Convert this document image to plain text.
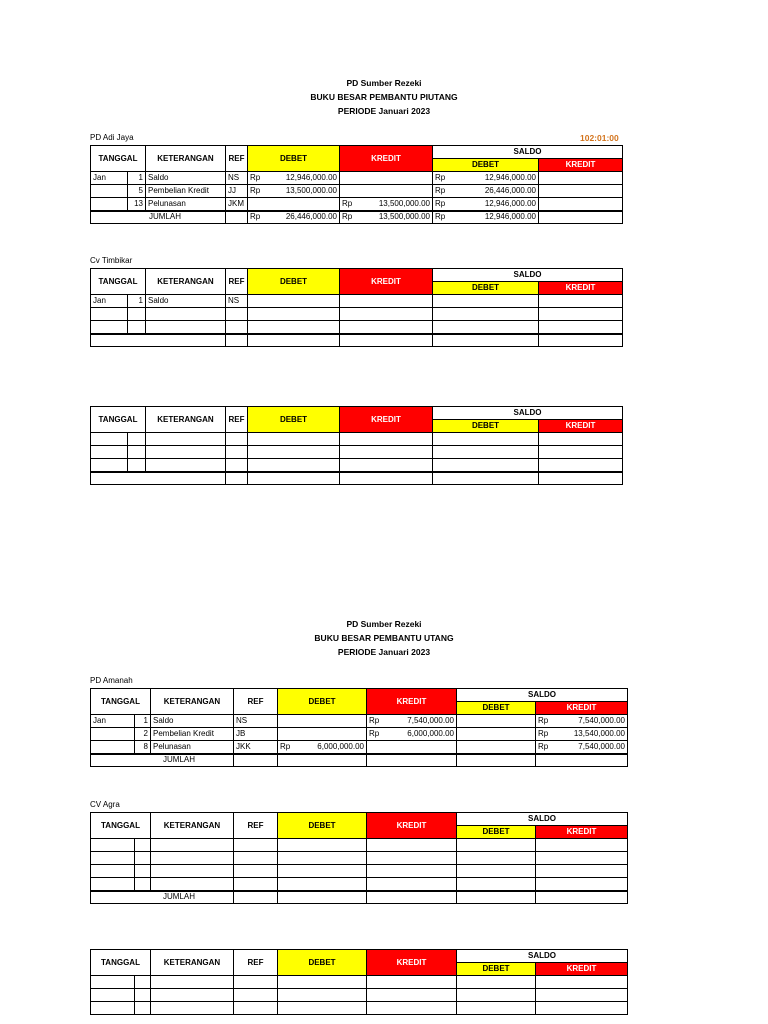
PD Sumber Rezeki
BUKU BESAR PEMBANTU PIUTANG
PERIODE Januari 2023
PD Adi Jaya	102:01:00
TANGGAL		KETERANGAN	REF	DEBET	KREDIT	SALDO	
						DEBET	KREDIT
Jan	1	Saldo	NS	Rp 12,946,000.00		Rp 12,946,000.00	

	5	Pembelian Kredit	JJ	Rp 13,500,000.00		Rp 26,446,000.00	

	13	Pelunasan	JKM		Rp 13,500,000.00	Rp 12,946,000.00	

JUMLAH				Rp 26,446,000.00	Rp 13,500,000.00	Rp 12,946,000.00	

Cv Timbikar
TANGGAL		KETERANGAN	REF	DEBET	KREDIT	SALDO	
						DEBET	KREDIT
Jan	1	Saldo	NS				

TANGGAL		KETERANGAN	REF	DEBET	KREDIT	SALDO	
						DEBET	KREDIT

PD Sumber Rezeki
BUKU BESAR PEMBANTU UTANG
PERIODE Januari 2023
PD Amanah
TANGGAL		KETERANGAN	REF	DEBET	KREDIT	SALDO	
						DEBET	KREDIT
Jan	1	Saldo	NS		Rp 7,540,000.00		Rp 7,540,000.00

	2	Pembelian Kredit	JB		Rp 6,000,000.00		Rp 13,540,000.00

	8	Pelunasan	JKK	Rp 6,000,000.00			Rp 7,540,000.00

JUMLAH							
CV Agra
TANGGAL		KETERANGAN	REF	DEBET	KREDIT	SALDO	
						DEBET	KREDIT

JUMLAH							
TANGGAL		KETERANGAN	REF	DEBET	KREDIT	SALDO	
						DEBET	KREDIT
